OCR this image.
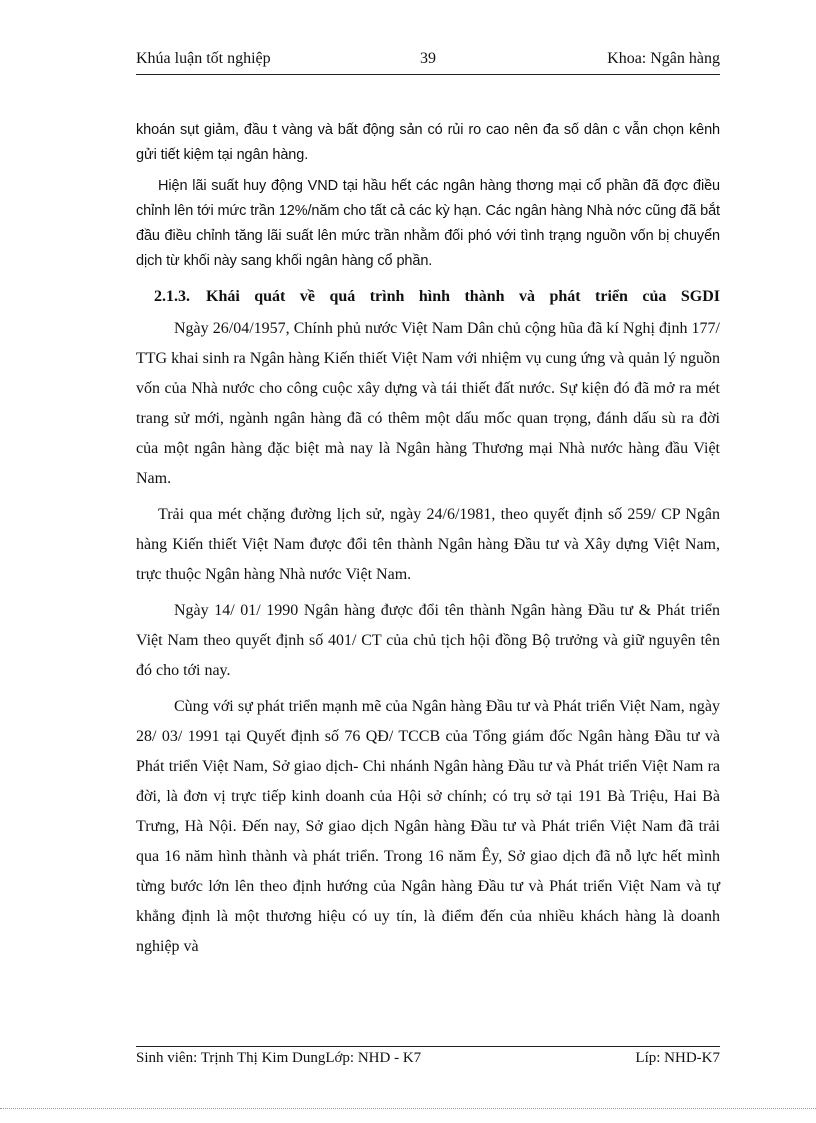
Khúa luận tốt nghiệp	39	Khoa: Ngân hàng

khoán sụt giảm, đầu t vàng và bất động sản có rủi ro cao nên đa số dân c vẫn chọn kênh gửi tiết kiệm tại ngân hàng.

Hiện lãi suất huy động VND tại hầu hết các ngân hàng thơng mại cổ phần đã đợc điều chỉnh lên tới mức trần 12%/năm cho tất cả các kỳ hạn. Các ngân hàng Nhà nớc cũng đã bắt đầu điều chỉnh tăng lãi suất lên mức trần nhằm đối phó với tình trạng nguồn vốn bị chuyển dịch từ khối này sang khối ngân hàng cổ phần.

2.1.3.	Khái quát về quá trình hình thành và phát triển của SGDI

Ngày 26/04/1957, Chính phủ nước Việt Nam Dân chủ cộng hũa đã kí Nghị định 177/ TTG khai sinh ra Ngân hàng Kiến thiết Việt Nam với nhiệm vụ cung ứng và quản lý nguồn vốn của Nhà nước cho công cuộc xây dựng và tái thiết đất nước. Sự kiện đó đã mở ra mét trang sử mới, ngành ngân hàng đã có thêm một dấu mốc quan trọng, đánh dấu sù ra đời của một ngân hàng đặc biệt mà nay là Ngân hàng Thương mại Nhà nước hàng đầu Việt Nam.

Trải qua mét chặng đường lịch sử, ngày 24/6/1981, theo quyết định số 259/ CP Ngân hàng Kiến thiết Việt Nam được đổi tên thành Ngân hàng Đầu tư và Xây dựng Việt Nam, trực thuộc Ngân hàng Nhà nước Việt Nam.

Ngày 14/ 01/ 1990 Ngân hàng được đổi tên thành Ngân hàng Đầu tư & Phát triển Việt Nam theo quyết định số 401/ CT của chủ tịch hội đồng Bộ trưởng và giữ nguyên tên đó cho tới nay.

Cùng với sự phát triển mạnh mẽ của Ngân hàng Đầu tư và Phát triển Việt Nam, ngày 28/ 03/ 1991 tại Quyết định số 76 QĐ/ TCCB của Tổng giám đốc Ngân hàng Đầu tư và Phát triển Việt Nam, Sở giao dịch- Chi nhánh Ngân hàng Đầu tư và Phát triển Việt Nam ra đời, là đơn vị trực tiếp kinh doanh của Hội sở chính; có trụ sở tại 191 Bà Triệu, Hai Bà Trưng, Hà Nội. Đến nay, Sở giao dịch Ngân hàng Đầu tư và Phát triển Việt Nam đã trải qua 16 năm hình thành và phát triển. Trong 16 năm Êy, Sở giao dịch đã nỗ lực hết mình từng bước lớn lên theo định hướng của Ngân hàng Đầu tư và Phát triển Việt Nam và tự khẳng định là một thương hiệu có uy tín, là điểm đến của nhiều khách hàng là doanh nghiệp và

Sinh viên: Trịnh Thị Kim DungLớp: NHD - K7	Líp: NHD-K7
